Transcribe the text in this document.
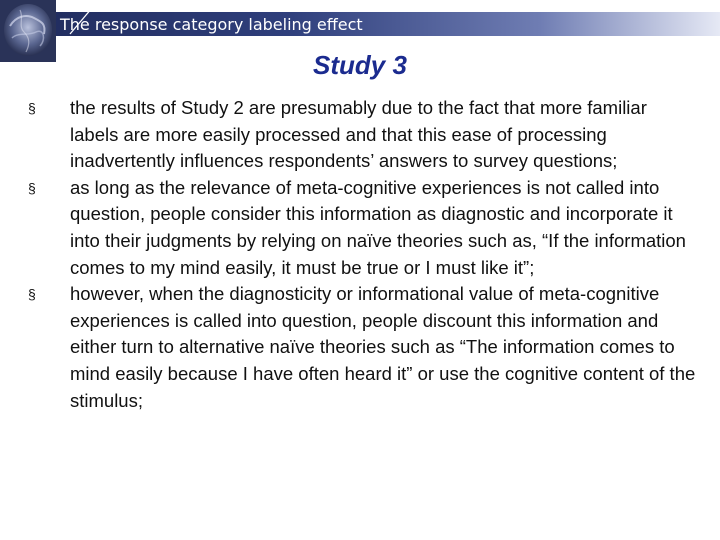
The response category labeling effect
Study 3
§	the results of Study 2 are presumably due to the fact that more familiar labels are more easily processed and that this ease of processing inadvertently influences respondents’ answers to survey questions;
§	as long as the relevance of meta-cognitive experiences is not called into question, people consider this information as diagnostic and incorporate it into their judgments by relying on naïve theories such as, “If the information comes to my mind easily, it must be true or I must like it”;
§	however, when the diagnosticity or informational value of meta-cognitive experiences is called into question, people discount this information and either turn to alternative naïve theories such as “The information comes to mind easily because I have often heard it” or use the cognitive content of the stimulus;
